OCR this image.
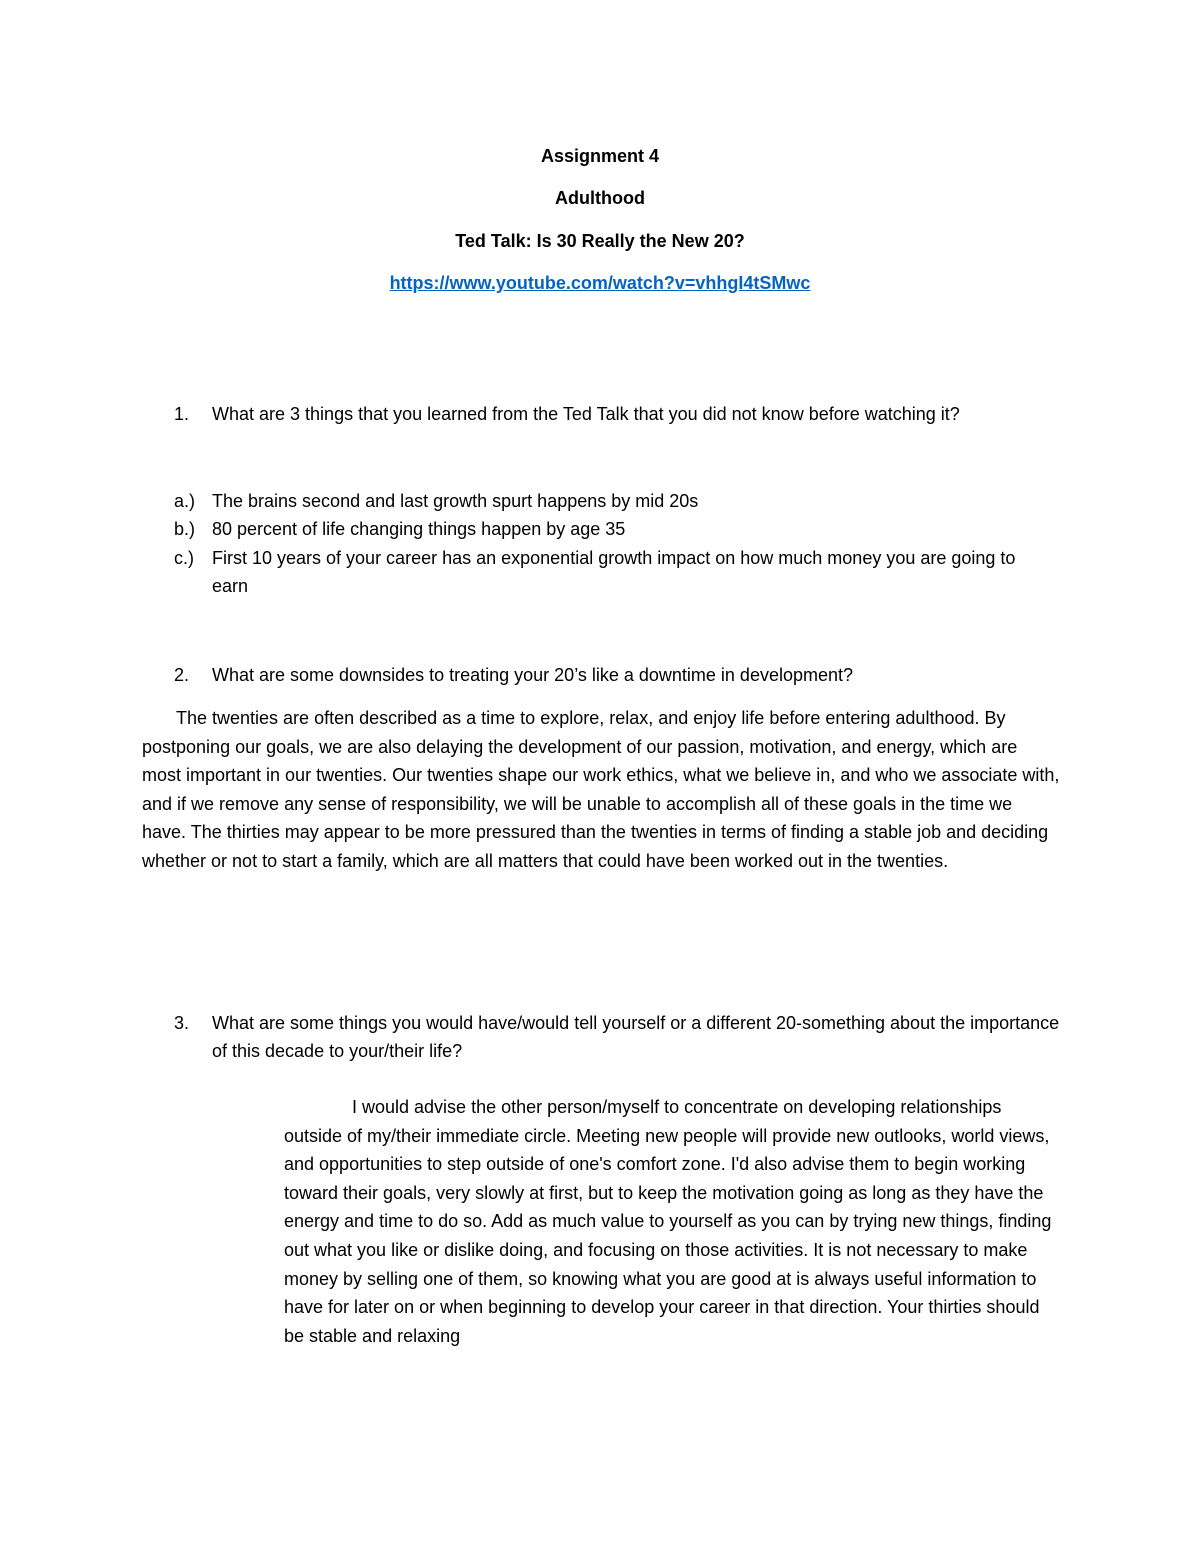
Assignment 4
Adulthood
Ted Talk: Is 30 Really the New 20?
https://www.youtube.com/watch?v=vhhgI4tSMwc
1. What are 3 things that you learned from the Ted Talk that you did not know before watching it?
a.) The brains second and last growth spurt happens by mid 20s
b.) 80 percent of life changing things happen by age 35
c.) First 10 years of your career has an exponential growth impact on how much money you are going to earn
2. What are some downsides to treating your 20’s like a downtime in development?
The twenties are often described as a time to explore, relax, and enjoy life before entering adulthood. By postponing our goals, we are also delaying the development of our passion, motivation, and energy, which are most important in our twenties. Our twenties shape our work ethics, what we believe in, and who we associate with, and if we remove any sense of responsibility, we will be unable to accomplish all of these goals in the time we have. The thirties may appear to be more pressured than the twenties in terms of finding a stable job and deciding whether or not to start a family, which are all matters that could have been worked out in the twenties.
3. What are some things you would have/would tell yourself or a different 20-something about the importance of this decade to your/their life?
I would advise the other person/myself to concentrate on developing relationships outside of my/their immediate circle. Meeting new people will provide new outlooks, world views, and opportunities to step outside of one's comfort zone. I'd also advise them to begin working toward their goals, very slowly at first, but to keep the motivation going as long as they have the energy and time to do so. Add as much value to yourself as you can by trying new things, finding out what you like or dislike doing, and focusing on those activities. It is not necessary to make money by selling one of them, so knowing what you are good at is always useful information to have for later on or when beginning to develop your career in that direction. Your thirties should be stable and relaxing
